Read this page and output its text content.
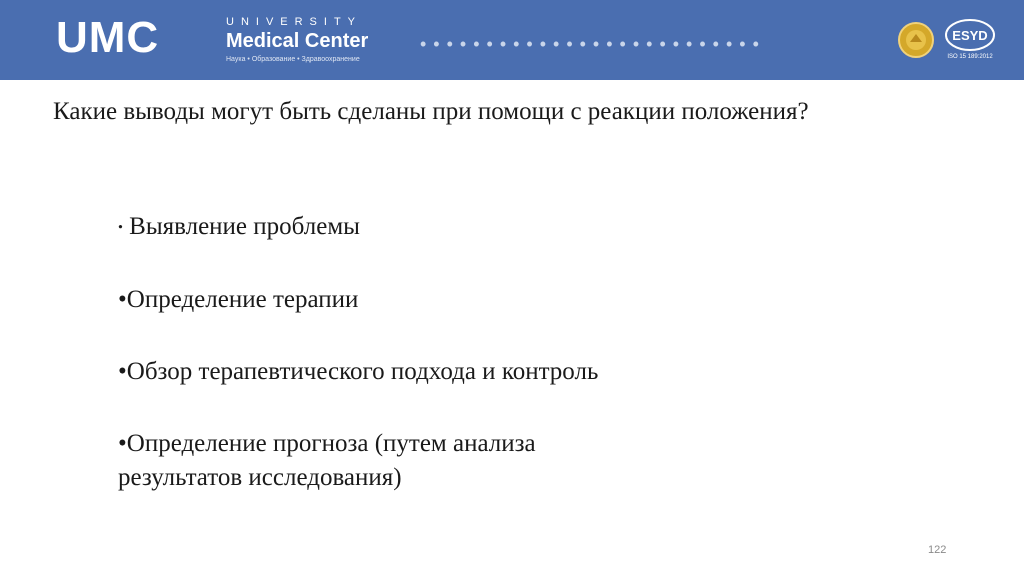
UMC	UNIVERSITY
Medical Center
Наука • Образование • Здравоохранение
• • • • • • • • • • • • • • • • • • • • • • • • • •	ESYD
ISO 15 189:2012
Какие выводы могут быть сделаны при помощи с реакции положения?
• Выявление проблемы
•Определение терапии
•Обзор терапевтического подхода и контроль
•Определение прогноза (путем анализа результатов исследования)
122
